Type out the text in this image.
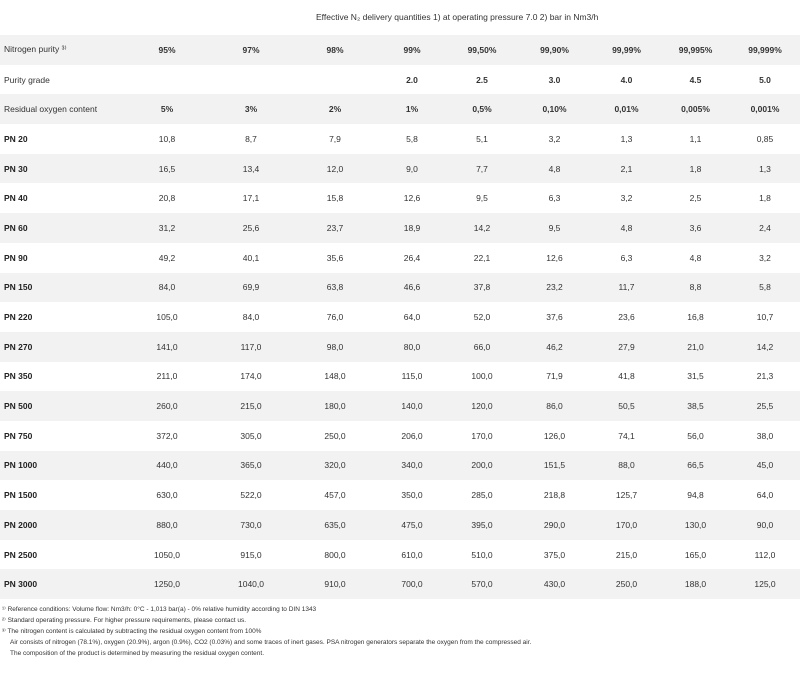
Effective N₂ delivery quantities 1) at operating pressure 7.0 2) bar in Nm3/h
Nitrogen purity ³⁾	95%	97%	98%	99%	99,50%	99,90%	99,99%	99,995%	99,999%
Purity grade				2.0	2.5	3.0	4.0	4.5	5.0
Residual oxygen content	5%	3%	2%	1%	0,5%	0,10%	0,01%	0,005%	0,001%
PN 20	10,8	8,7	7,9	5,8	5,1	3,2	1,3	1,1	0,85
PN 30	16,5	13,4	12,0	9,0	7,7	4,8	2,1	1,8	1,3
PN 40	20,8	17,1	15,8	12,6	9,5	6,3	3,2	2,5	1,8
PN 60	31,2	25,6	23,7	18,9	14,2	9,5	4,8	3,6	2,4
PN 90	49,2	40,1	35,6	26,4	22,1	12,6	6,3	4,8	3,2
PN 150	84,0	69,9	63,8	46,6	37,8	23,2	11,7	8,8	5,8
PN 220	105,0	84,0	76,0	64,0	52,0	37,6	23,6	16,8	10,7
PN 270	141,0	117,0	98,0	80,0	66,0	46,2	27,9	21,0	14,2
PN 350	211,0	174,0	148,0	115,0	100,0	71,9	41,8	31,5	21,3
PN 500	260,0	215,0	180,0	140,0	120,0	86,0	50,5	38,5	25,5
PN 750	372,0	305,0	250,0	206,0	170,0	126,0	74,1	56,0	38,0
PN 1000	440,0	365,0	320,0	340,0	200,0	151,5	88,0	66,5	45,0
PN 1500	630,0	522,0	457,0	350,0	285,0	218,8	125,7	94,8	64,0
PN 2000	880,0	730,0	635,0	475,0	395,0	290,0	170,0	130,0	90,0
PN 2500	1050,0	915,0	800,0	610,0	510,0	375,0	215,0	165,0	112,0
PN 3000	1250,0	1040,0	910,0	700,0	570,0	430,0	250,0	188,0	125,0
¹⁾ Reference conditions: Volume flow: Nm3/h: 0°C - 1,013 bar(a) - 0% relative humidity according to DIN 1343
²⁾ Standard operating pressure. For higher pressure requirements, please contact us.
³⁾ The nitrogen content is calculated by subtracting the residual oxygen content from 100%
Air consists of nitrogen (78.1%), oxygen (20.9%), argon (0.9%), CO2 (0.03%) and some traces of inert gases. PSA nitrogen generators separate the oxygen from the compressed air.
The composition of the product is determined by measuring the residual oxygen content.
